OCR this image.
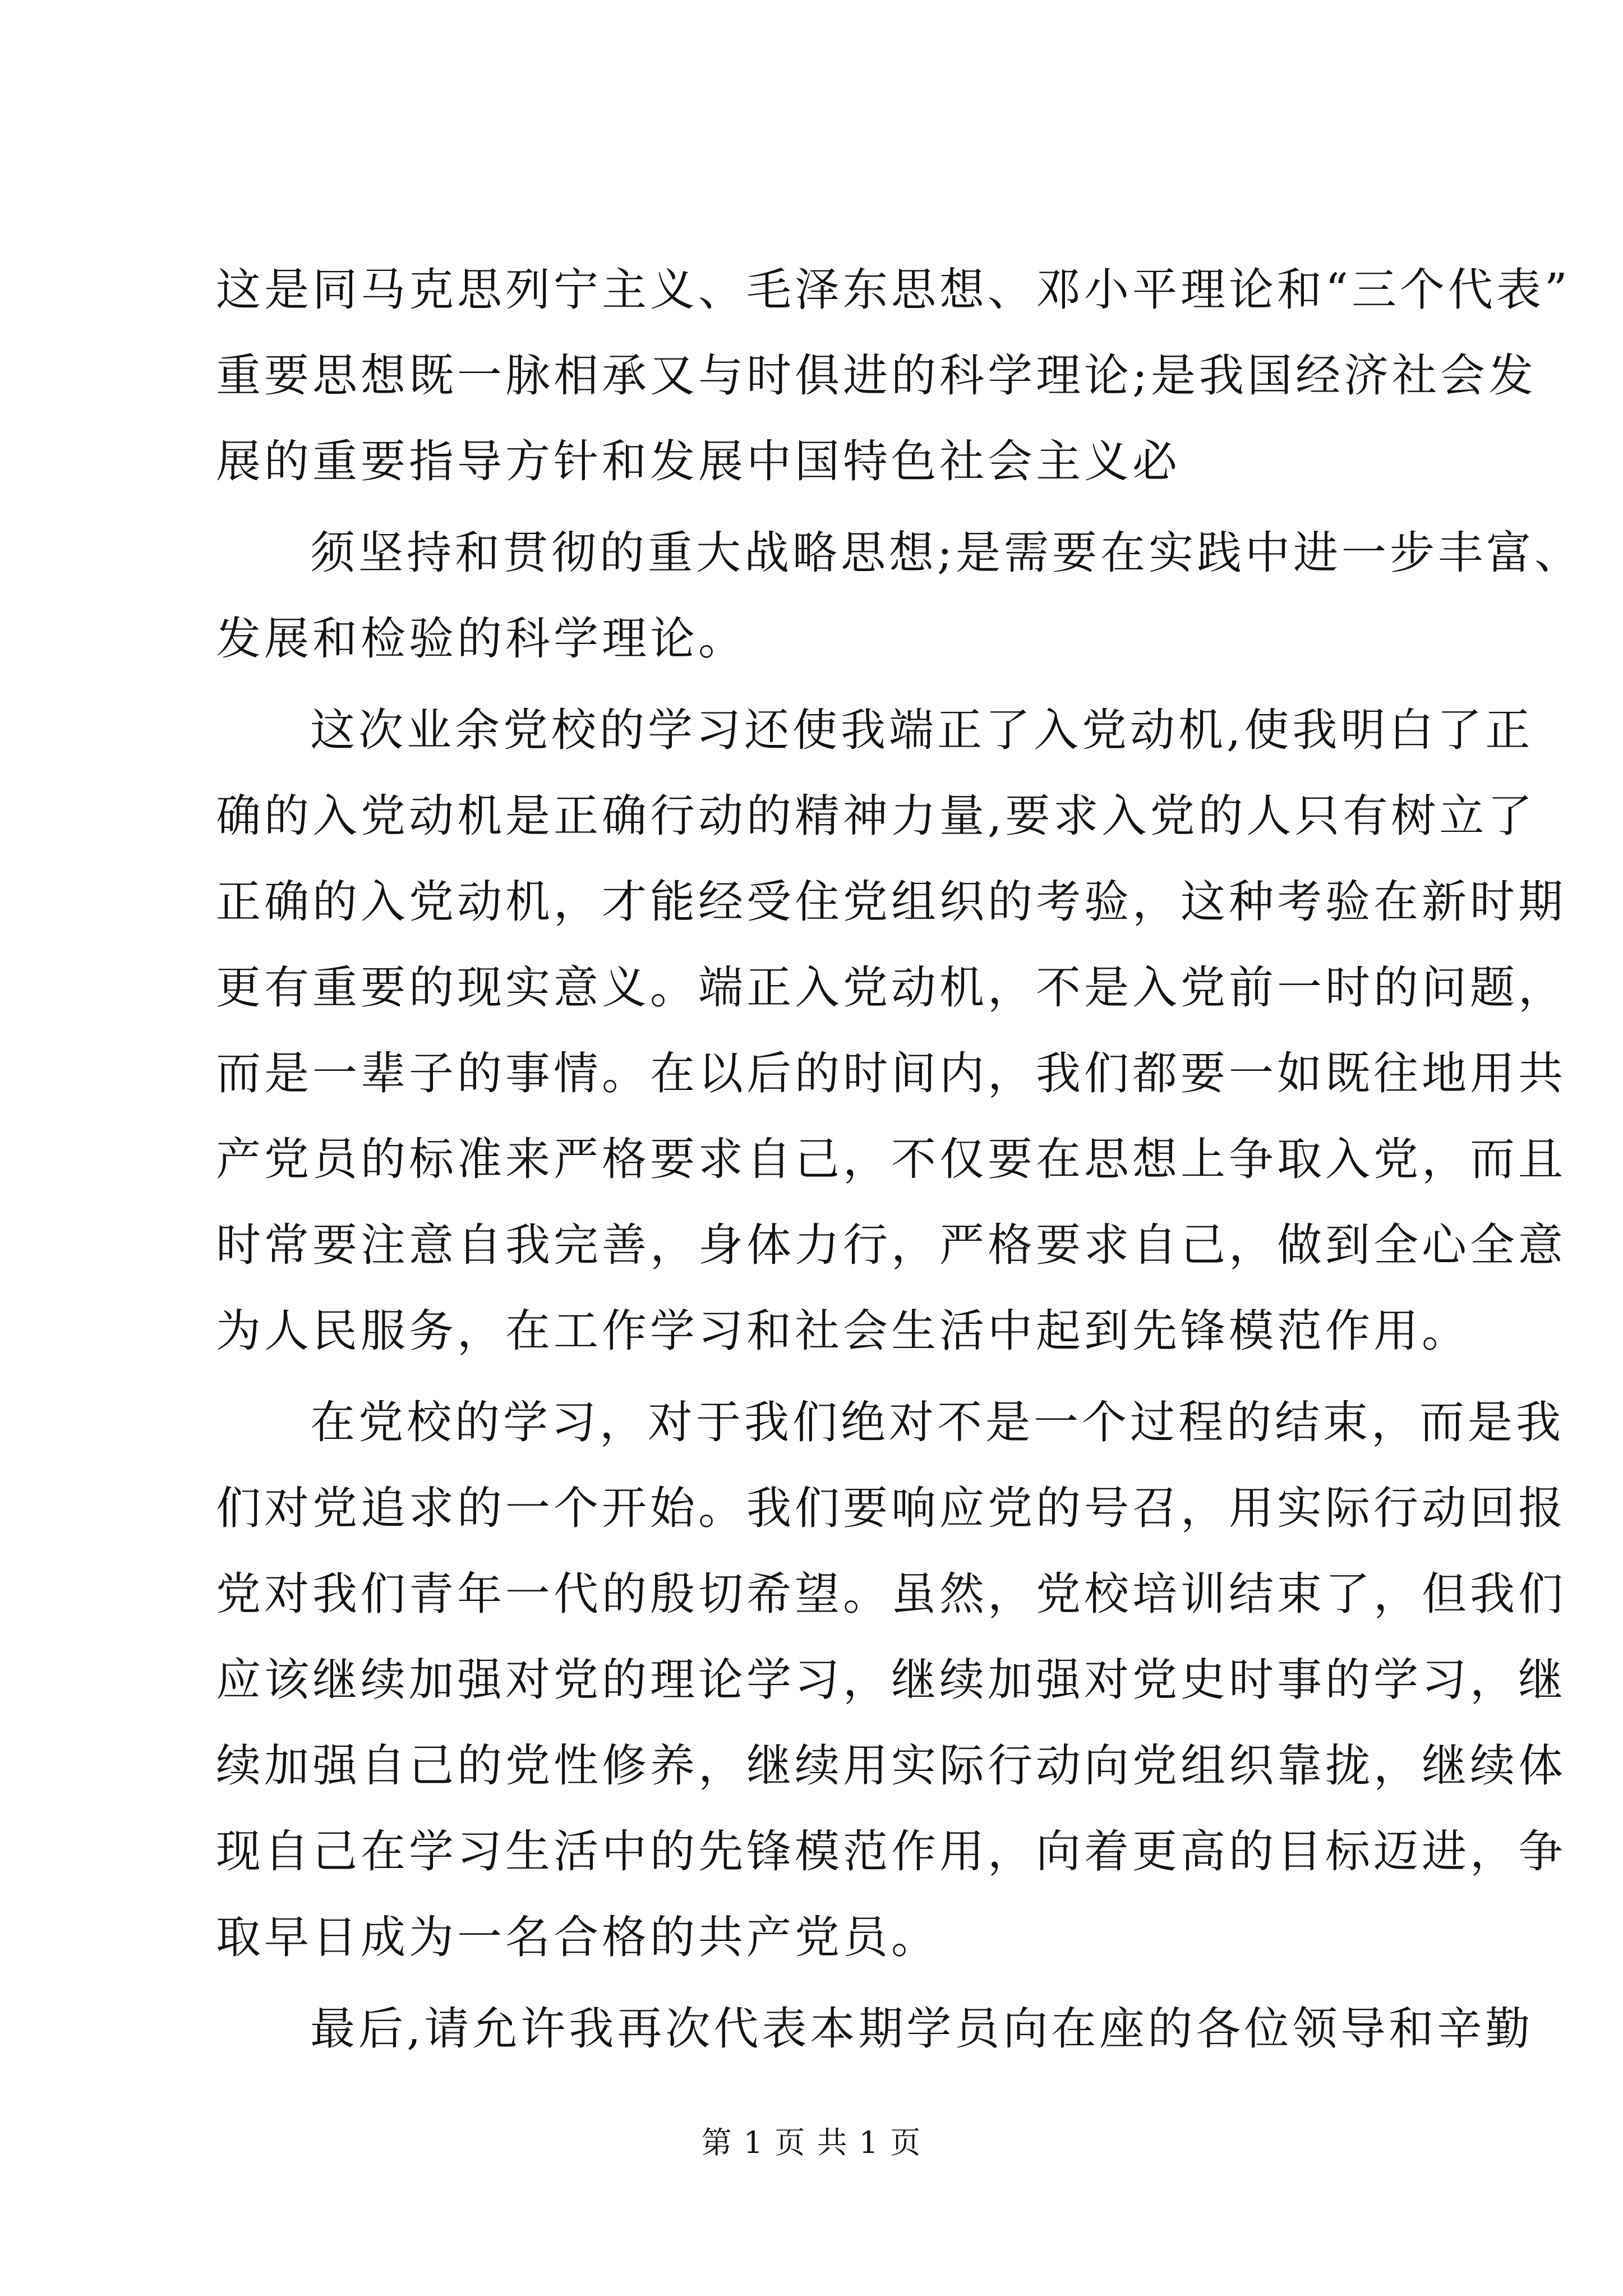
这是同马克思列宁主义、毛泽东思想、邓小平理论和“三个代表”
重要思想既一脉相承又与时俱进的科学理论;是我国经济社会发
展的重要指导方针和发展中国特色社会主义必
须坚持和贯彻的重大战略思想;是需要在实践中进一步丰富、
发展和检验的科学理论。
这次业余党校的学习还使我端正了入党动机,使我明白了正
确的入党动机是正确行动的精神力量,要求入党的人只有树立了
正确的入党动机，才能经受住党组织的考验，这种考验在新时期
更有重要的现实意义。端正入党动机，不是入党前一时的问题，
而是一辈子的事情。在以后的时间内，我们都要一如既往地用共
产党员的标准来严格要求自己，不仅要在思想上争取入党，而且
时常要注意自我完善，身体力行，严格要求自己，做到全心全意
为人民服务，在工作学习和社会生活中起到先锋模范作用。
在党校的学习，对于我们绝对不是一个过程的结束，而是我
们对党追求的一个开始。我们要响应党的号召，用实际行动回报
党对我们青年一代的殷切希望。虽然，党校培训结束了，但我们
应该继续加强对党的理论学习，继续加强对党史时事的学习，继
续加强自己的党性修养，继续用实际行动向党组织靠拢，继续体
现自己在学习生活中的先锋模范作用，向着更高的目标迈进，争
取早日成为一名合格的共产党员。
最后,请允许我再次代表本期学员向在座的各位领导和辛勤
第 1 页 共 1 页
